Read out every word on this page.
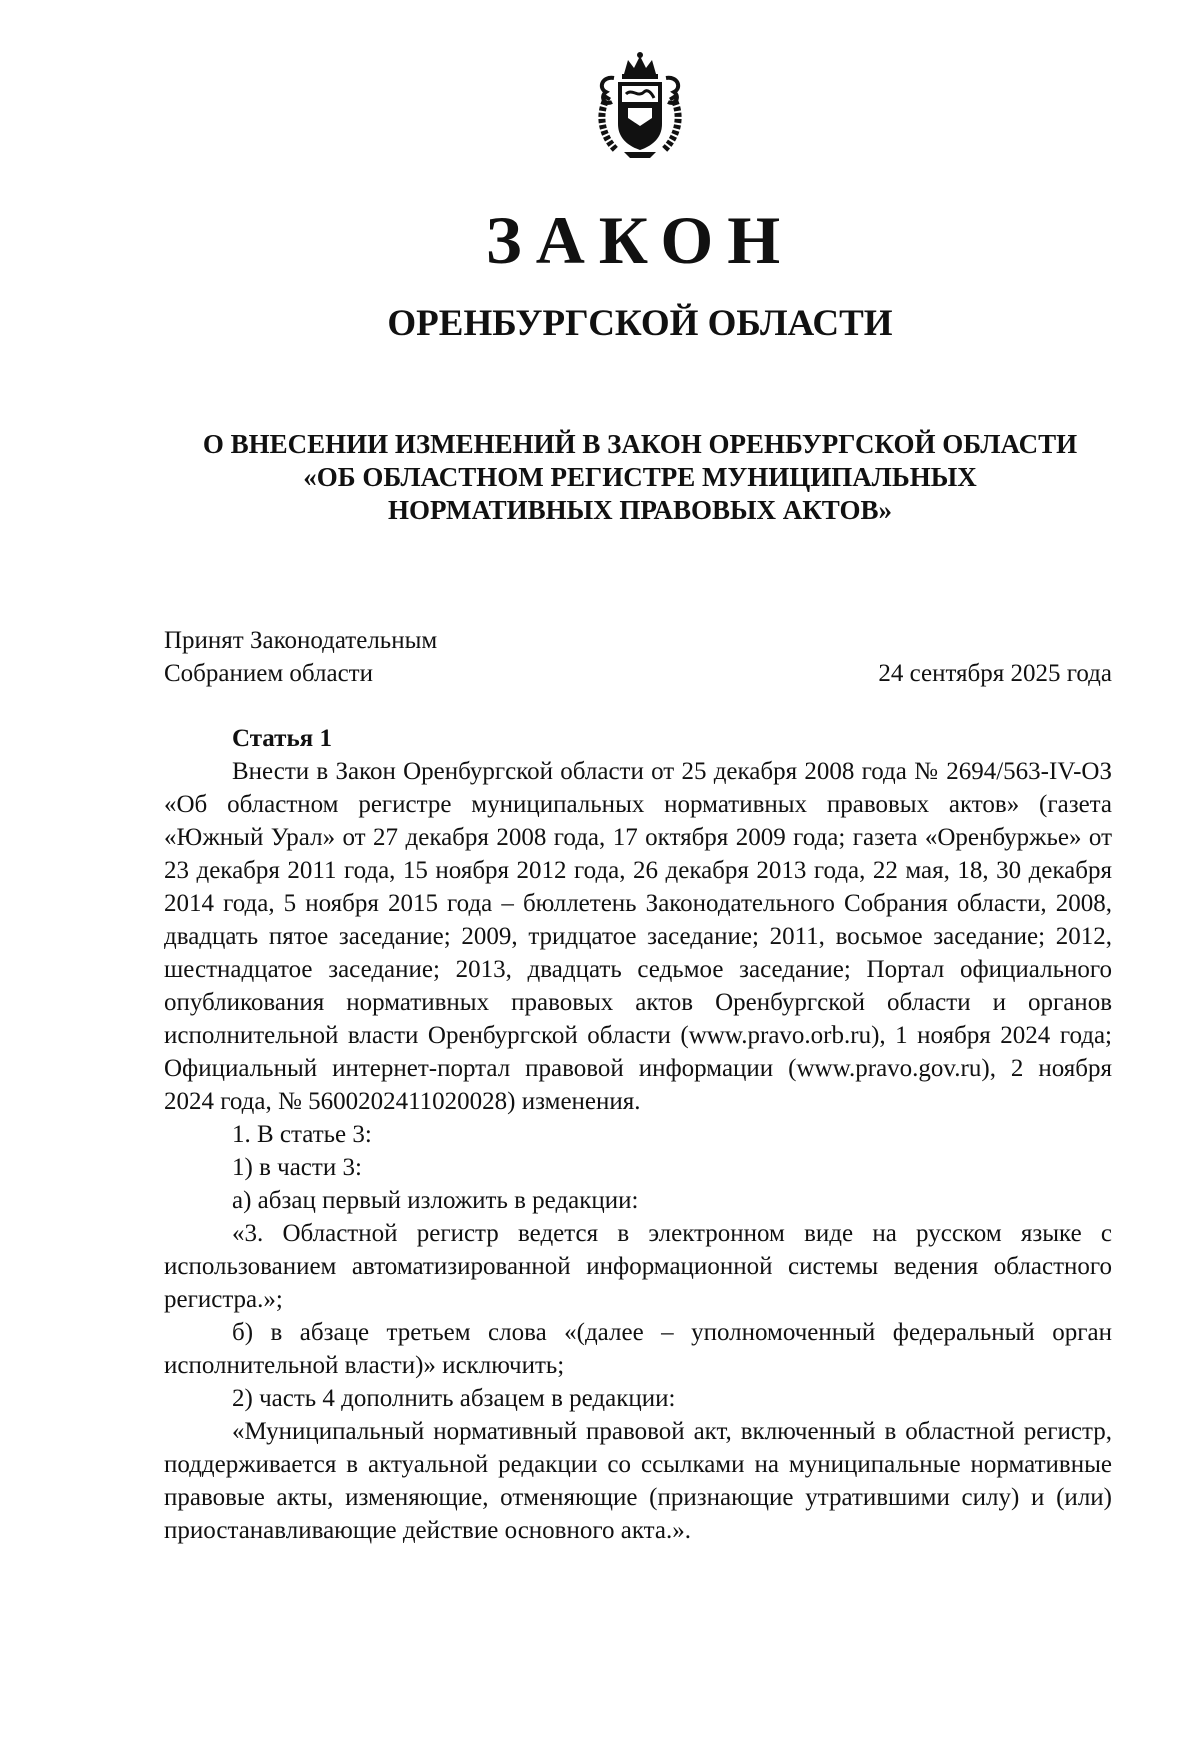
ЗАКОН
ОРЕНБУРГСКОЙ ОБЛАСТИ
О ВНЕСЕНИИ ИЗМЕНЕНИЙ В ЗАКОН ОРЕНБУРГСКОЙ ОБЛАСТИ
«ОБ ОБЛАСТНОМ РЕГИСТРЕ МУНИЦИПАЛЬНЫХ
НОРМАТИВНЫХ ПРАВОВЫХ АКТОВ»
Принят Законодательным
Собранием области	24 сентября 2025 года
Статья 1

Внести в Закон Оренбургской области от 25 декабря 2008 года № 2694/563-IV-ОЗ «Об областном регистре муниципальных нормативных правовых актов» (газета «Южный Урал» от 27 декабря 2008 года, 17 октября 2009 года; газета «Оренбуржье» от 23 декабря 2011 года, 15 ноября 2012 года, 26 декабря 2013 года, 22 мая, 18, 30 декабря 2014 года, 5 ноября 2015 года – бюллетень Законодательного Собрания области, 2008, двадцать пятое заседание; 2009, тридцатое заседание; 2011, восьмое заседание; 2012, шестнадцатое заседание; 2013, двадцать седьмое заседание; Портал официального опубликования нормативных правовых актов Оренбургской области и органов исполнительной власти Оренбургской области (www.pravo.orb.ru), 1 ноября 2024 года; Официальный интернет-портал правовой информации (www.pravo.gov.ru), 2 ноября 2024 года, № 5600202411020028) изменения.

1. В статье 3:

1) в части 3:

а) абзац первый изложить в редакции:

«3. Областной регистр ведется в электронном виде на русском языке с использованием автоматизированной информационной системы ведения областного регистра.»;

б) в абзаце третьем слова «(далее – уполномоченный федеральный орган исполнительной власти)» исключить;

2) часть 4 дополнить абзацем в редакции:

«Муниципальный нормативный правовой акт, включенный в областной регистр, поддерживается в актуальной редакции со ссылками на муниципальные нормативные правовые акты, изменяющие, отменяющие (признающие утратившими силу) и (или) приостанавливающие действие основного акта.».
